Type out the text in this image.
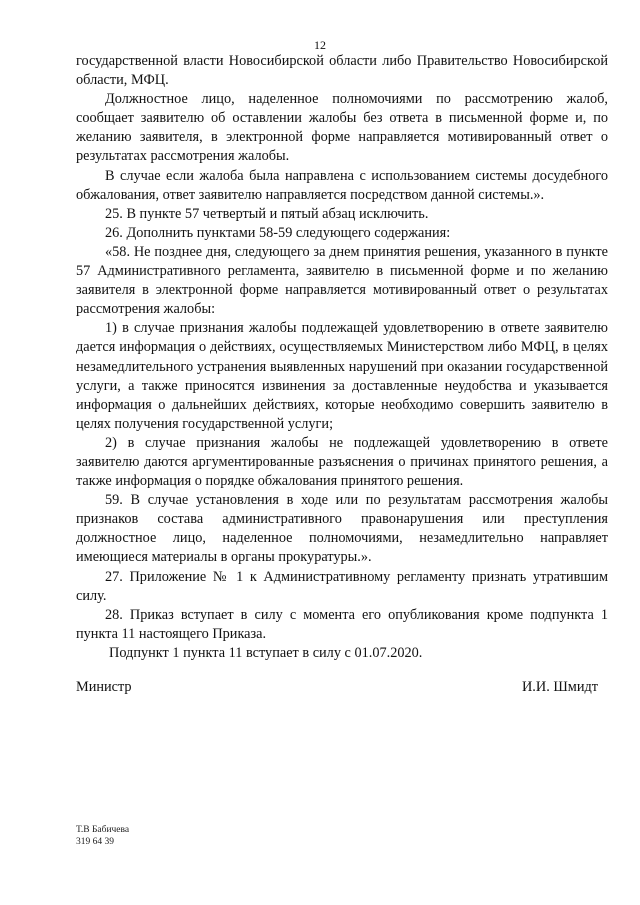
12

государственной власти Новосибирской области либо Правительство Новосибирской области, МФЦ.

Должностное лицо, наделенное полномочиями по рассмотрению жалоб, сообщает заявителю об оставлении жалобы без ответа в письменной форме и, по желанию заявителя, в электронной форме направляется мотивированный ответ о результатах рассмотрения жалобы.

В случае если жалоба была направлена с использованием системы досудебного обжалования, ответ заявителю направляется посредством данной системы.».

25. В пункте 57 четвертый и пятый абзац исключить.

26. Дополнить пунктами 58-59 следующего содержания:

«58. Не позднее дня, следующего за днем принятия решения, указанного в пункте 57 Административного регламента, заявителю в письменной форме и по желанию заявителя в электронной форме направляется мотивированный ответ о результатах рассмотрения жалобы:

1) в случае признания жалобы подлежащей удовлетворению в ответе заявителю дается информация о действиях, осуществляемых Министерством либо МФЦ, в целях незамедлительного устранения выявленных нарушений при оказании государственной услуги, а также приносятся извинения за доставленные неудобства и указывается информация о дальнейших действиях, которые необходимо совершить заявителю в целях получения государственной услуги;

2) в случае признания жалобы не подлежащей удовлетворению в ответе заявителю даются аргументированные разъяснения о причинах принятого решения, а также информация о порядке обжалования принятого решения.

59. В случае установления в ходе или по результатам рассмотрения жалобы признаков состава административного правонарушения или преступления должностное лицо, наделенное полномочиями, незамедлительно направляет имеющиеся материалы в органы прокуратуры.».

27. Приложение № 1 к Административному регламенту признать утратившим силу.

28. Приказ вступает в силу с момента его опубликования кроме подпункта 1 пункта 11 настоящего Приказа.

Подпункт 1 пункта 11 вступает в силу с 01.07.2020.

Министр	И.И. Шмидт
Т.В Бабичева
319 64 39
